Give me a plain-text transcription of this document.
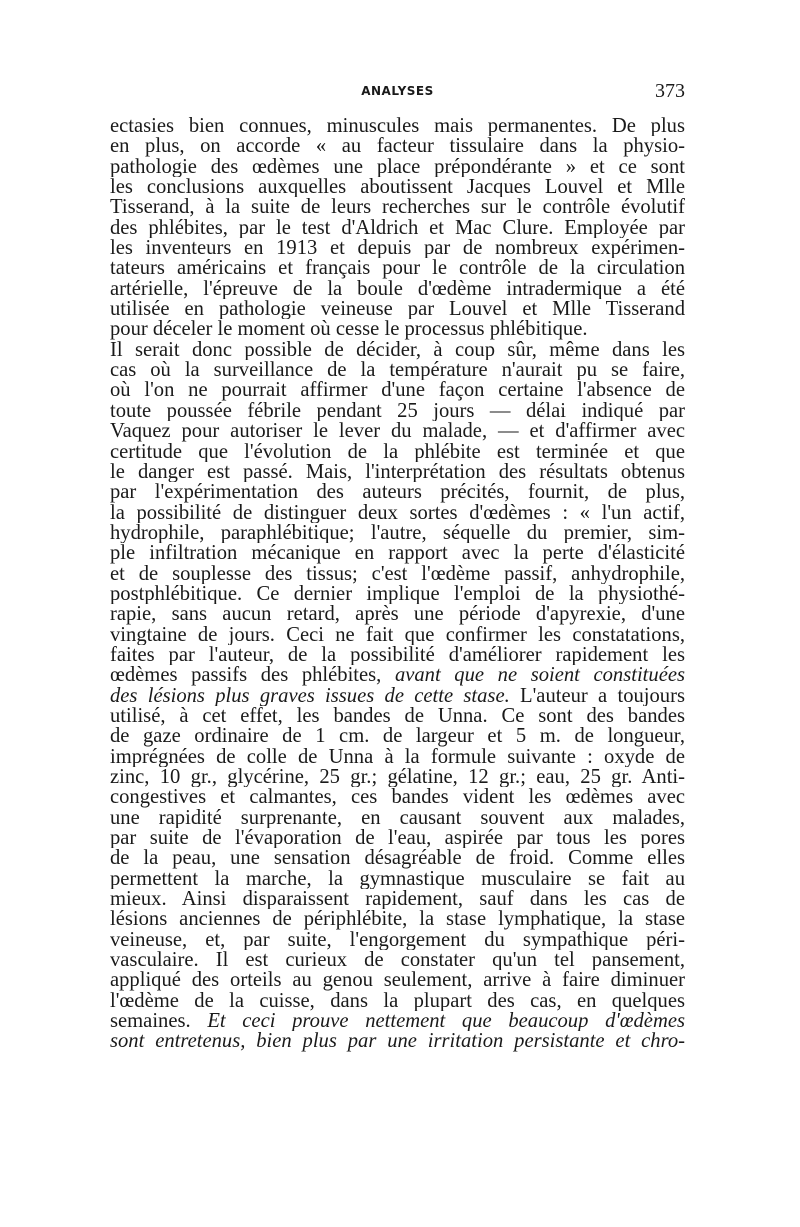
ANALYSES	373
ectasies bien connues, minuscules mais permanentes. De plus
en plus, on accorde « au facteur tissulaire dans la physio-
pathologie des œdèmes une place prépondérante » et ce sont
les conclusions auxquelles aboutissent Jacques Louvel et Mlle
Tisserand, à la suite de leurs recherches sur le contrôle évolutif
des phlébites, par le test d'Aldrich et Mac Clure. Employée par
les inventeurs en 1913 et depuis par de nombreux expérimen-
tateurs américains et français pour le contrôle de la circulation
artérielle, l'épreuve de la boule d'œdème intradermique a été
utilisée en pathologie veineuse par Louvel et Mlle Tisserand
pour déceler le moment où cesse le processus phlébitique.
Il serait donc possible de décider, à coup sûr, même dans les
cas où la surveillance de la température n'aurait pu se faire,
où l'on ne pourrait affirmer d'une façon certaine l'absence de
toute poussée fébrile pendant 25 jours — délai indiqué par
Vaquez pour autoriser le lever du malade, — et d'affirmer avec
certitude que l'évolution de la phlébite est terminée et que
le danger est passé. Mais, l'interprétation des résultats obtenus
par l'expérimentation des auteurs précités, fournit, de plus,
la possibilité de distinguer deux sortes d'œdèmes : « l'un actif,
hydrophile, paraphlébitique; l'autre, séquelle du premier, sim-
ple infiltration mécanique en rapport avec la perte d'élasticité
et de souplesse des tissus; c'est l'œdème passif, anhydrophile,
postphlébitique. Ce dernier implique l'emploi de la physiothé-
rapie, sans aucun retard, après une période d'apyrexie, d'une
vingtaine de jours. Ceci ne fait que confirmer les constatations,
faites par l'auteur, de la possibilité d'améliorer rapidement les
œdèmes passifs des phlébites, avant que ne soient constituées
des lésions plus graves issues de cette stase. L'auteur a toujours
utilisé, à cet effet, les bandes de Unna. Ce sont des bandes
de gaze ordinaire de 1 cm. de largeur et 5 m. de longueur,
imprégnées de colle de Unna à la formule suivante : oxyde de
zinc, 10 gr., glycérine, 25 gr.; gélatine, 12 gr.; eau, 25 gr. Anti-
congestives et calmantes, ces bandes vident les œdèmes avec
une rapidité surprenante, en causant souvent aux malades,
par suite de l'évaporation de l'eau, aspirée par tous les pores
de la peau, une sensation désagréable de froid. Comme elles
permettent la marche, la gymnastique musculaire se fait au
mieux. Ainsi disparaissent rapidement, sauf dans les cas de
lésions anciennes de périphlébite, la stase lymphatique, la stase
veineuse, et, par suite, l'engorgement du sympathique péri-
vasculaire. Il est curieux de constater qu'un tel pansement,
appliqué des orteils au genou seulement, arrive à faire diminuer
l'œdème de la cuisse, dans la plupart des cas, en quelques
semaines. Et ceci prouve nettement que beaucoup d'œdèmes
sont entretenus, bien plus par une irritation persistante et chro-
